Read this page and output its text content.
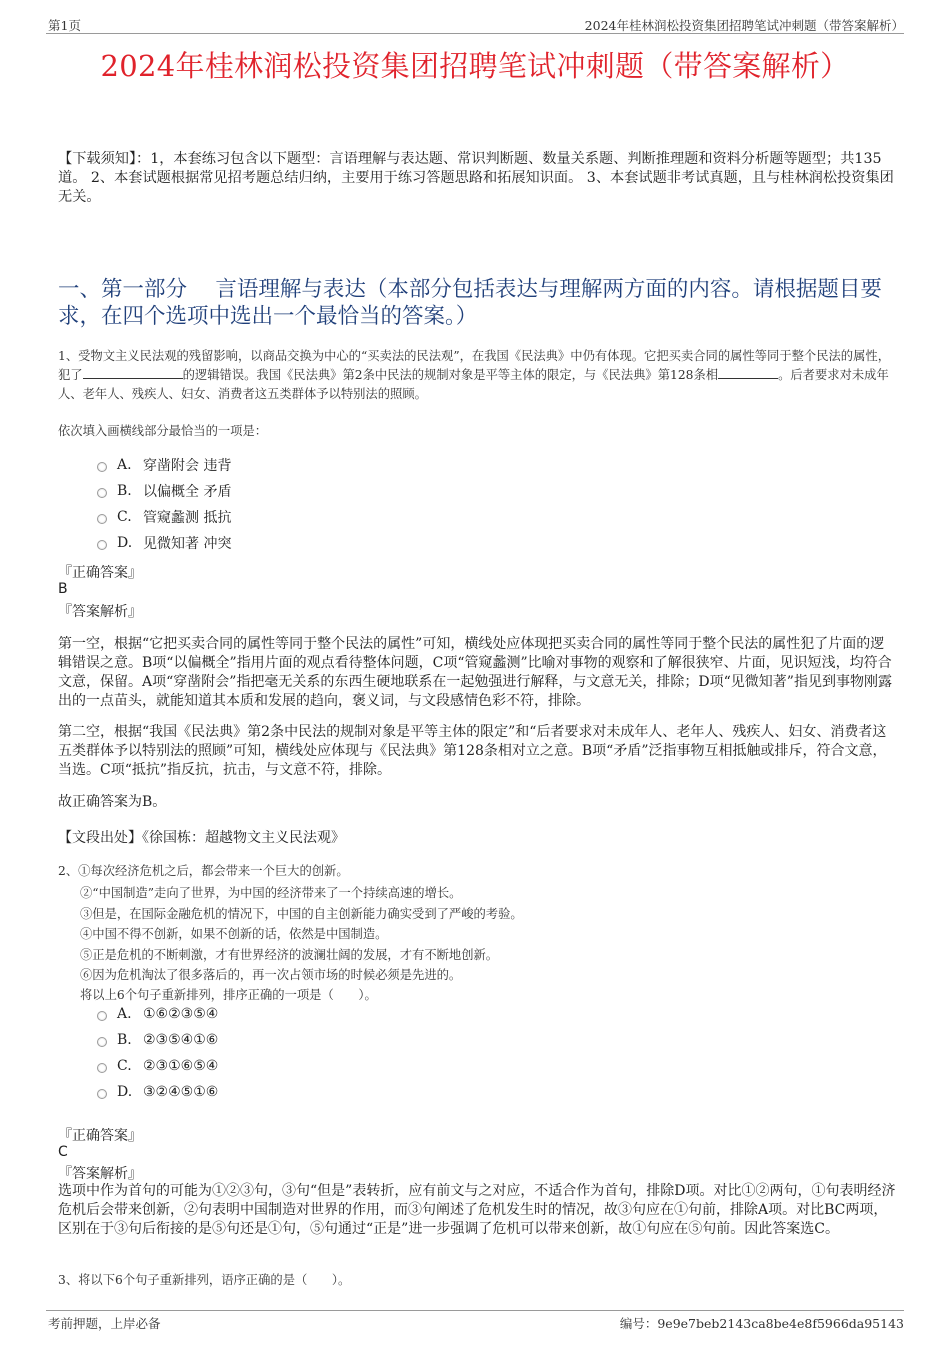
第1页	2024年桂林润松投资集团招聘笔试冲刺题（带答案解析）
2024年桂林润松投资集团招聘笔试冲刺题（带答案解析）
【下载须知】：1，本套练习包含以下题型：言语理解与表达题、常识判断题、数量关系题、判断推理题和资料分析题等题型；共135道。 2、本套试题根据常见招考题总结归纳，主要用于练习答题思路和拓展知识面。 3、本套试题非考试真题，且与桂林润松投资集团无关。
一、第一部分　 言语理解与表达（本部分包括表达与理解两方面的内容。请根据题目要求，在四个选项中选出一个最恰当的答案。）
1、受物文主义民法观的残留影响，以商品交换为中心的“买卖法的民法观”，在我国《民法典》中仍有体现。它把买卖合同的属性等同于整个民法的属性，犯了	的逻辑错误。我国《民法典》第2条中民法的规制对象是平等主体的限定，与《民法典》第128条相	。后者要求对未成年人、老年人、残疾人、妇女、消费者这五类群体予以特别法的照顾。
依次填入画横线部分最恰当的一项是：
A. 穿凿附会 违背
B. 以偏概全 矛盾
C. 管窥蠡测 抵抗
D. 见微知著 冲突
『正确答案』
B
『答案解析』
第一空，根据“它把买卖合同的属性等同于整个民法的属性”可知，横线处应体现把买卖合同的属性等同于整个民法的属性犯了片面的逻辑错误之意。B项“以偏概全”指用片面的观点看待整体问题，C项“管窥蠡测”比喻对事物的观察和了解很狭窄、片面，见识短浅，均符合文意，保留。A项“穿凿附会”指把毫无关系的东西生硬地联系在一起勉强进行解释，与文意无关，排除；D项“见微知著”指见到事物刚露出的一点苗头，就能知道其本质和发展的趋向，褒义词，与文段感情色彩不符，排除。
第二空，根据“我国《民法典》第2条中民法的规制对象是平等主体的限定”和“后者要求对未成年人、老年人、残疾人、妇女、消费者这五类群体予以特别法的照顾”可知，横线处应体现与《民法典》第128条相对立之意。B项“矛盾”泛指事物互相抵触或排斥，符合文意，当选。C项“抵抗”指反抗，抗击，与文意不符，排除。
故正确答案为B。
【文段出处】《徐国栋：超越物文主义民法观》
2、①每次经济危机之后，都会带来一个巨大的创新。
②“中国制造”走向了世界，为中国的经济带来了一个持续高速的增长。
③但是，在国际金融危机的情况下，中国的自主创新能力确实受到了严峻的考验。
④中国不得不创新，如果不创新的话，依然是中国制造。
⑤正是危机的不断刺激，才有世界经济的波澜壮阔的发展，才有不断地创新。
⑥因为危机淘汰了很多落后的，再一次占领市场的时候必须是先进的。
将以上6个句子重新排列，排序正确的一项是（　　）。
A. ①⑥②③⑤④
B. ②③⑤④①⑥
C. ②③①⑥⑤④
D. ③②④⑤①⑥
『正确答案』
C
『答案解析』
选项中作为首句的可能为①②③句，③句“但是”表转折，应有前文与之对应，不适合作为首句，排除D项。对比①②两句，①句表明经济危机后会带来创新，②句表明中国制造对世界的作用，而③句阐述了危机发生时的情况，故③句应在①句前，排除A项。对比BC两项，区别在于③句后衔接的是⑤句还是①句，⑤句通过“正是”进一步强调了危机可以带来创新，故①句应在⑤句前。因此答案选C。
3、将以下6个句子重新排列，语序正确的是（　　）。
考前押题，上岸必备	编号：9e9e7beb2143ca8be4e8f5966da95143
